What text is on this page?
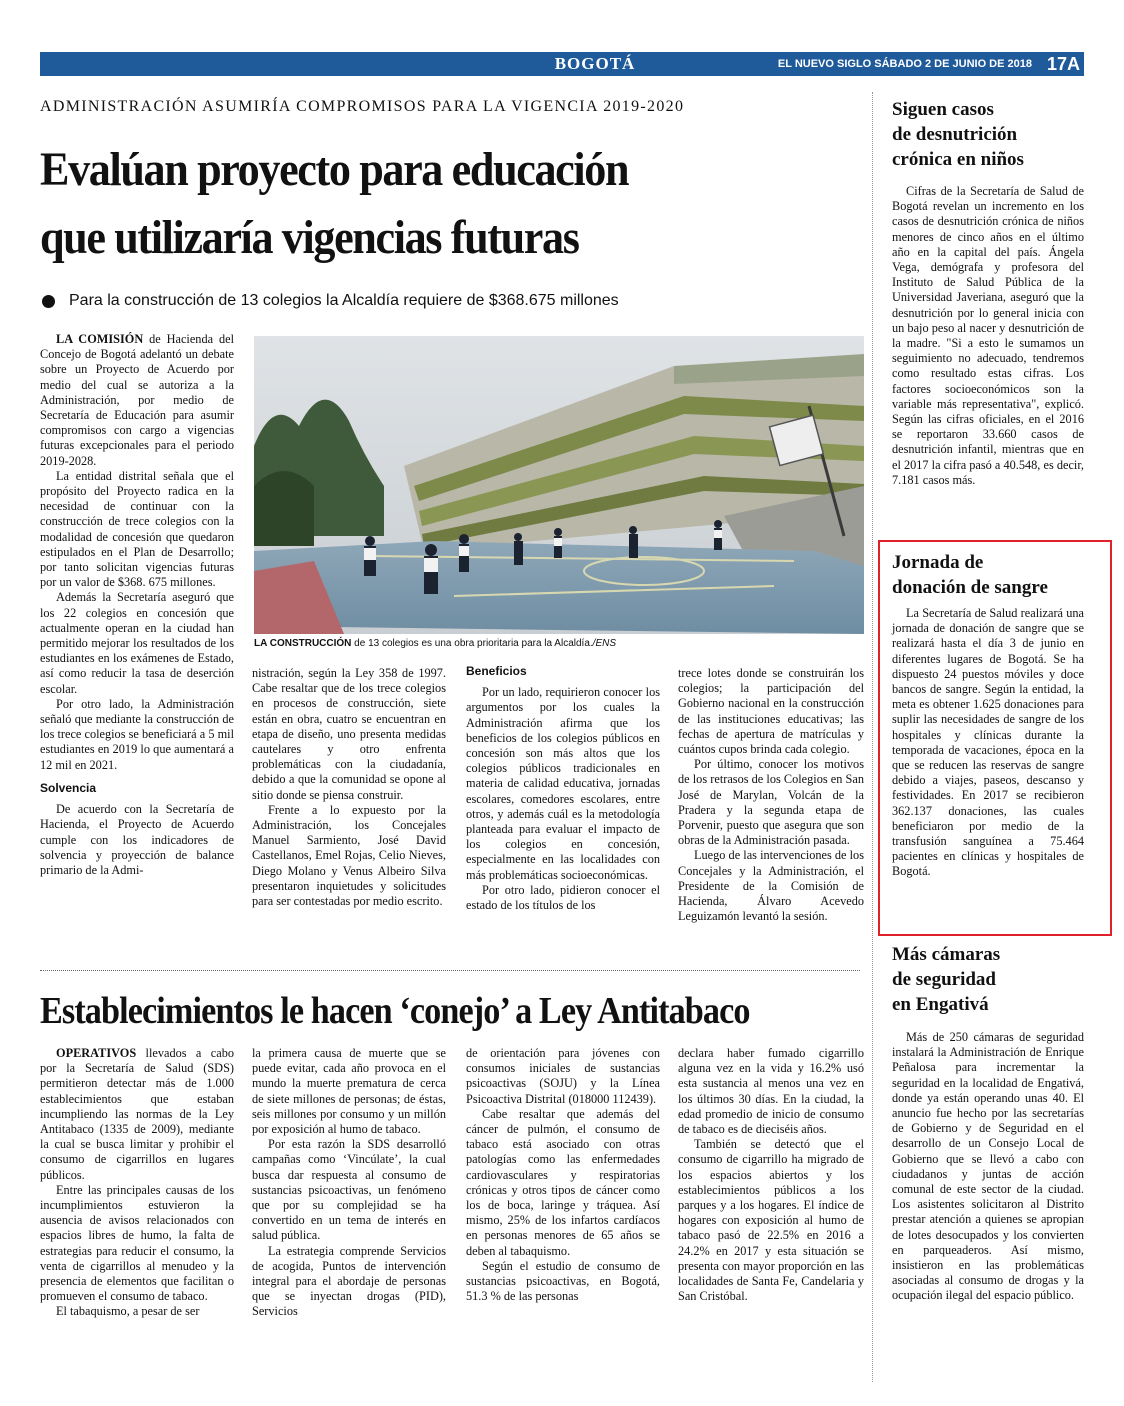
BOGOTÁ	EL NUEVO SIGLO SÁBADO 2 DE JUNIO DE 2018 17A
ADMINISTRACIÓN ASUMIRÍA COMPROMISOS PARA LA VIGENCIA 2019-2020
Evalúan proyecto para educación
que utilizaría vigencias futuras
Para la construcción de 13 colegios la Alcaldía requiere de $368.675 millones
LA CONSTRUCCIÓN de 13 colegios es una obra prioritaria para la Alcaldía./ENS

LA COMISIÓN de Hacienda del Concejo de Bogotá adelantó un debate sobre un Proyecto de Acuerdo por medio del cual se autoriza a la Administración, por medio de Secretaría de Educación para asumir compromisos con cargo a vigencias futuras excepcionales para el periodo 2019-2028.

La entidad distrital señala que el propósito del Proyecto radica en la necesidad de continuar con la construcción de trece colegios con la modalidad de concesión que quedaron estipulados en el Plan de Desarrollo; por tanto solicitan vigencias futuras por un valor de $368. 675 millones.

Además la Secretaría aseguró que los 22 colegios en concesión que actualmente operan en la ciudad han permitido mejorar los resultados de los estudiantes en los exámenes de Estado, así como reducir la tasa de deserción escolar.

Por otro lado, la Administración señaló que mediante la construcción de los trece colegios se beneficiará a 5 mil estudiantes en 2019 lo que aumentará a 12 mil en 2021.

Solvencia

De acuerdo con la Secretaría de Hacienda, el Proyecto de Acuerdo cumple con los indicadores de solvencia y proyección de balance primario de la Admi-

nistración, según la Ley 358 de 1997. Cabe resaltar que de los trece colegios en procesos de construcción, siete están en obra, cuatro se encuentran en etapa de diseño, uno presenta medidas cautelares y otro enfrenta problemáticas con la ciudadanía, debido a que la comunidad se opone al sitio donde se piensa construir.

Frente a lo expuesto por la Administración, los Concejales Manuel Sarmiento, José David Castellanos, Emel Rojas, Celio Nieves, Diego Molano y Venus Albeiro Silva presentaron inquietudes y solicitudes para ser contestadas por medio escrito.

Beneficios

Por un lado, requirieron conocer los argumentos por los cuales la Administración afirma que los beneficios de los colegios públicos en concesión son más altos que los colegios públicos tradicionales en materia de calidad educativa, jornadas escolares, comedores escolares, entre otros, y además cuál es la metodología planteada para evaluar el impacto de los colegios en concesión, especialmente en las localidades con más problemáticas socioeconómicas.

Por otro lado, pidieron conocer el estado de los títulos de los

trece lotes donde se construirán los colegios; la participación del Gobierno nacional en la construcción de las instituciones educativas; las fechas de apertura de matrículas y cuántos cupos brinda cada colegio.

Por último, conocer los motivos de los retrasos de los Colegios en San José de Marylan, Volcán de la Pradera y la segunda etapa de Porvenir, puesto que asegura que son obras de la Administración pasada.

Luego de las intervenciones de los Concejales y la Administración, el Presidente de la Comisión de Hacienda, Álvaro Acevedo Leguizamón levantó la sesión.

Establecimientos le hacen ‘conejo’ a Ley Antitabaco

OPERATIVOS llevados a cabo por la Secretaría de Salud (SDS) permitieron detectar más de 1.000 establecimientos que estaban incumpliendo las normas de la Ley Antitabaco (1335 de 2009), mediante la cual se busca limitar y prohibir el consumo de cigarrillos en lugares públicos.

Entre las principales causas de los incumplimientos estuvieron la ausencia de avisos relacionados con espacios libres de humo, la falta de estrategias para reducir el consumo, la venta de cigarrillos al menudeo y la presencia de elementos que facilitan o promueven el consumo de tabaco.

El tabaquismo, a pesar de ser

la primera causa de muerte que se puede evitar, cada año provoca en el mundo la muerte prematura de cerca de siete millones de personas; de éstas, seis millones por consumo y un millón por exposición al humo de tabaco.

Por esta razón la SDS desarrolló campañas como ‘Vincúlate’, la cual busca dar respuesta al consumo de sustancias psicoactivas, un fenómeno que por su complejidad se ha convertido en un tema de interés en salud pública.

La estrategia comprende Servicios de acogida, Puntos de intervención integral para el abordaje de personas que se inyectan drogas (PID), Servicios

de orientación para jóvenes con consumos iniciales de sustancias psicoactivas (SOJU) y la Línea Psicoactiva Distrital (018000 112439).

Cabe resaltar que además del cáncer de pulmón, el consumo de tabaco está asociado con otras patologías como las enfermedades cardiovasculares y respiratorias crónicas y otros tipos de cáncer como los de boca, laringe y tráquea. Así mismo, 25% de los infartos cardíacos en personas menores de 65 años se deben al tabaquismo.

Según el estudio de consumo de sustancias psicoactivas, en Bogotá, 51.3 % de las personas

declara haber fumado cigarrillo alguna vez en la vida y 16.2% usó esta sustancia al menos una vez en los últimos 30 días. En la ciudad, la edad promedio de inicio de consumo de tabaco es de dieciséis años.

También se detectó que el consumo de cigarrillo ha migrado de los espacios abiertos y los establecimientos públicos a los parques y a los hogares. El índice de hogares con exposición al humo de tabaco pasó de 22.5% en 2016 a 24.2% en 2017 y esta situación se presenta con mayor proporción en las localidades de Santa Fe, Candelaria y San Cristóbal.

Siguen casos
de desnutrición
crónica en niños

Cifras de la Secretaría de Salud de Bogotá revelan un incremento en los casos de desnutrición crónica de niños menores de cinco años en el último año en la capital del país. Ángela Vega, demógrafa y profesora del Instituto de Salud Pública de la Universidad Javeriana, aseguró que la desnutrición por lo general inicia con un bajo peso al nacer y desnutrición de la madre. "Si a esto le sumamos un seguimiento no adecuado, tendremos como resultado estas cifras. Los factores socioeconómicos son la variable más representativa", explicó. Según las cifras oficiales, en el 2016 se reportaron 33.660 casos de desnutrición infantil, mientras que en el 2017 la cifra pasó a 40.548, es decir, 7.181 casos más.

Jornada de
donación de sangre

La Secretaría de Salud realizará una jornada de donación de sangre que se realizará hasta el día 3 de junio en diferentes lugares de Bogotá. Se ha dispuesto 24 puestos móviles y doce bancos de sangre. Según la entidad, la meta es obtener 1.625 donaciones para suplir las necesidades de sangre de los hospitales y clínicas durante la temporada de vacaciones, época en la que se reducen las reservas de sangre debido a viajes, paseos, descanso y festividades. En 2017 se recibieron 362.137 donaciones, las cuales beneficiaron por medio de la transfusión sanguínea a 75.464 pacientes en clínicas y hospitales de Bogotá.

Más cámaras
de seguridad
en Engativá

Más de 250 cámaras de seguridad instalará la Administración de Enrique Peñalosa para incrementar la seguridad en la localidad de Engativá, donde ya están operando unas 40. El anuncio fue hecho por las secretarías de Gobierno y de Seguridad en el desarrollo de un Consejo Local de Gobierno que se llevó a cabo con ciudadanos y juntas de acción comunal de este sector de la ciudad. Los asistentes solicitaron al Distrito prestar atención a quienes se apropian de lotes desocupados y los convierten en parqueaderos. Así mismo, insistieron en las problemáticas asociadas al consumo de drogas y la ocupación ilegal del espacio público.
